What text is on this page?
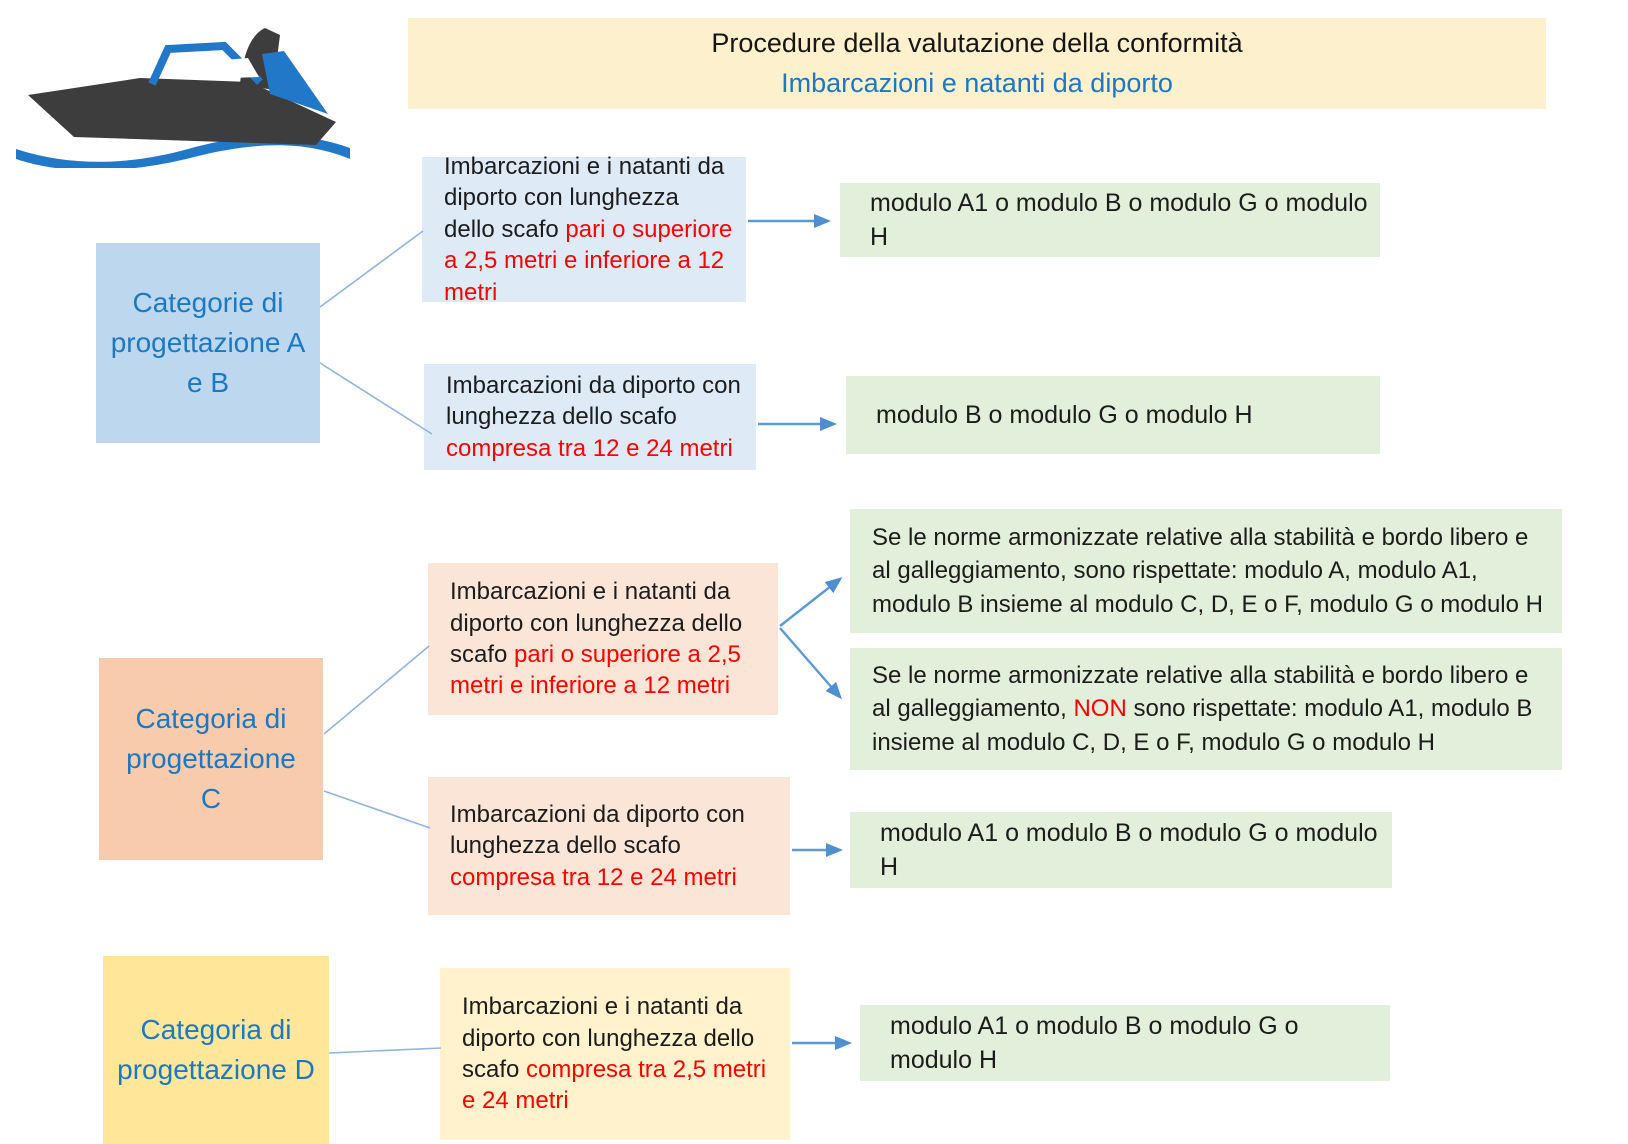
Procedure della valutazione della conformità
Imbarcazioni e natanti da diporto
Categorie di progettazione A e B
Categoria di progettazione C
Categoria di progettazione D
Imbarcazioni e i natanti da diporto con lunghezza dello scafo pari o superiore a 2,5 metri e inferiore a 12 metri
Imbarcazioni da diporto con lunghezza dello scafo compresa tra 12 e 24 metri
Imbarcazioni e i natanti da diporto con lunghezza dello scafo pari o superiore a 2,5 metri e inferiore a 12 metri
Imbarcazioni da diporto con lunghezza dello scafo compresa tra 12 e 24 metri
Imbarcazioni e i natanti da diporto con lunghezza dello scafo compresa tra 2,5 metri e 24 metri
modulo A1 o modulo B o modulo G o modulo H
modulo B o modulo G o modulo H
Se le norme armonizzate relative alla stabilità e bordo libero e al galleggiamento, sono rispettate: modulo A, modulo A1, modulo B insieme al modulo C, D, E o F, modulo G o modulo H
Se le norme armonizzate relative alla stabilità e bordo libero e al galleggiamento, NON sono rispettate: modulo A1, modulo B insieme al modulo C, D, E o F, modulo G o modulo H
modulo A1 o modulo B o modulo G o modulo H
modulo A1 o modulo B o modulo G o modulo H
